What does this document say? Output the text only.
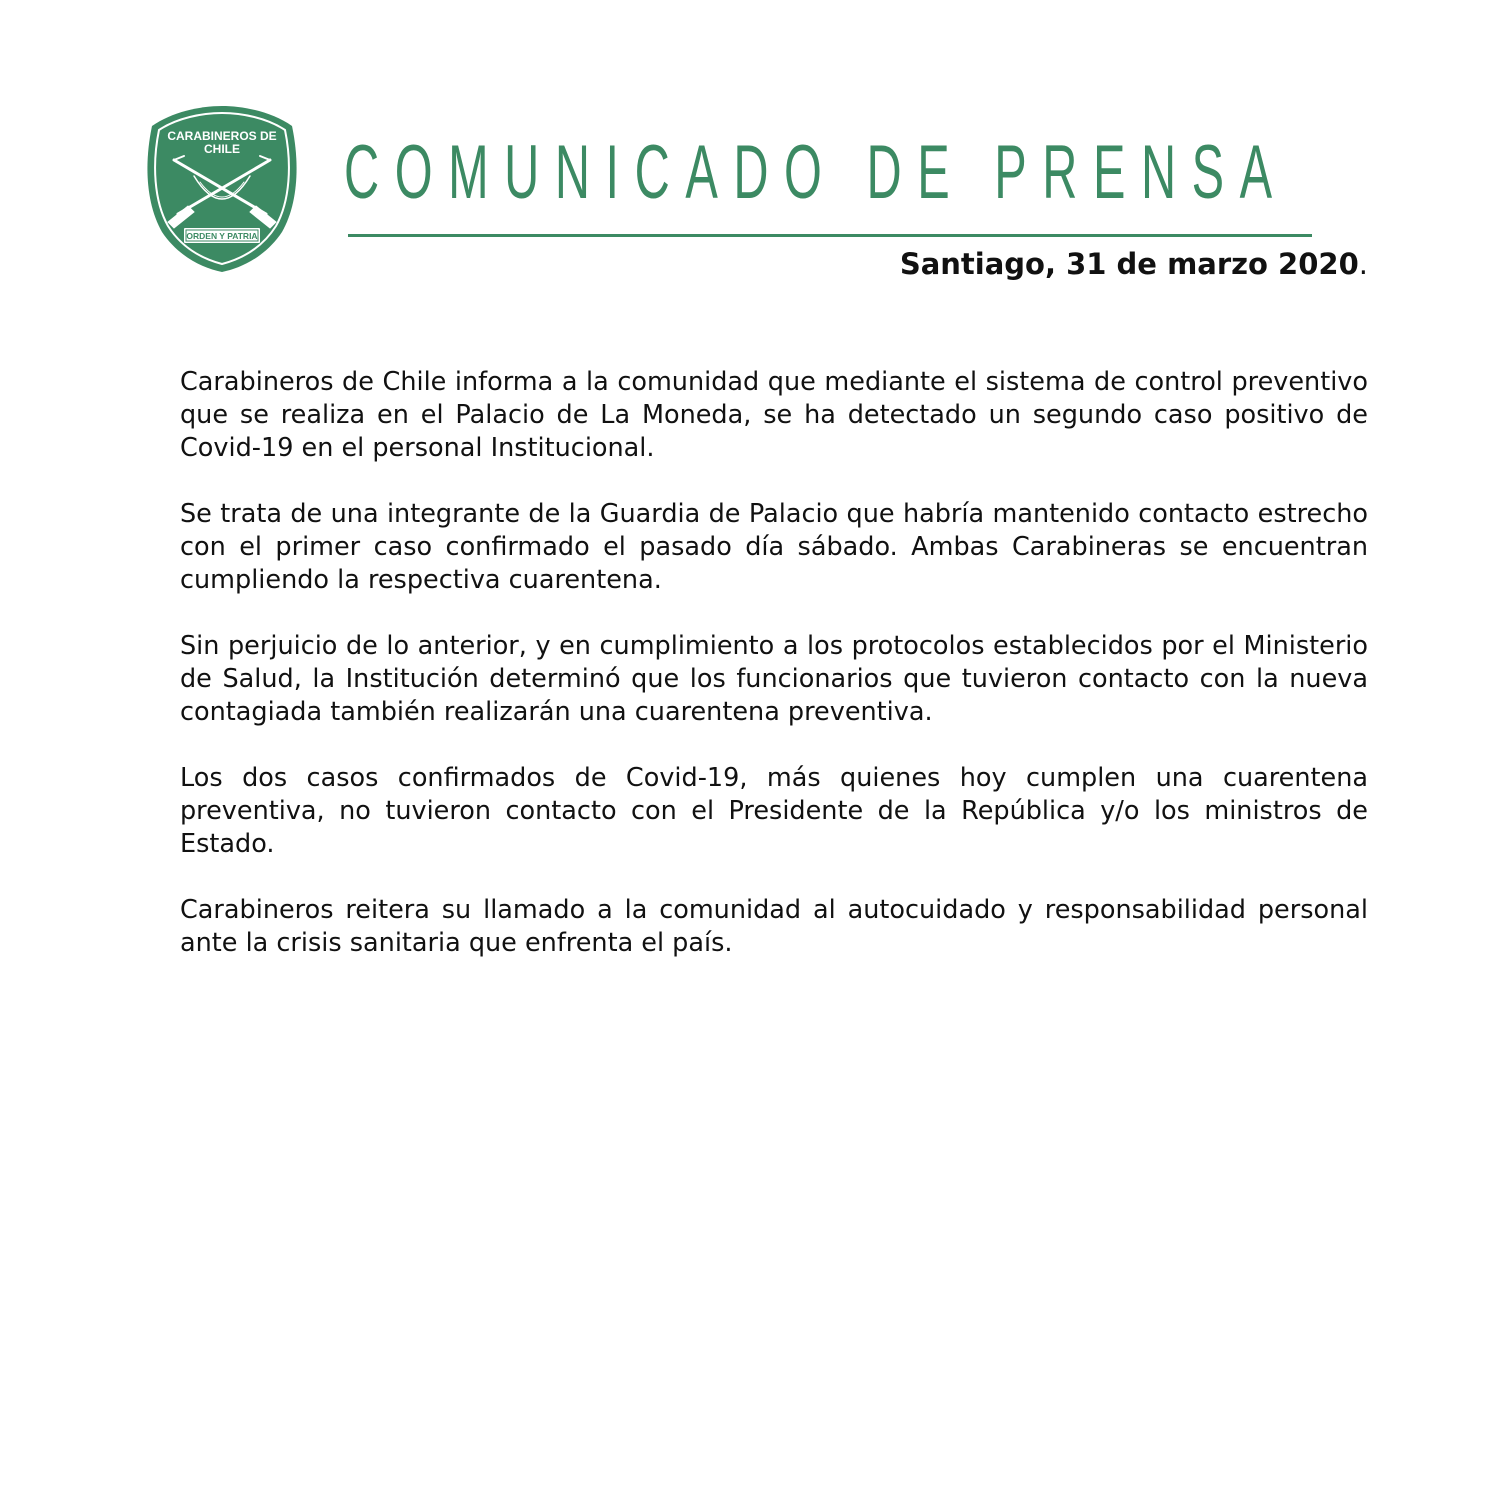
CARABINEROS DE
CHILE
ORDEN Y PATRIA
COMUNICADO DE PRENSA

Santiago, 31 de marzo 2020.

Carabineros de Chile informa a la comunidad que mediante el sistema de control preventivo que se realiza en el Palacio de La Moneda, se ha detectado un segundo caso positivo de Covid-19 en el personal Institucional.

Se trata de una integrante de la Guardia de Palacio que habría mantenido contacto estrecho con el primer caso confirmado el pasado día sábado. Ambas Carabineras se encuentran cumpliendo la respectiva cuarentena.

Sin perjuicio de lo anterior, y en cumplimiento a los protocolos establecidos por el Ministerio de Salud, la Institución determinó que los funcionarios que tuvieron contacto con la nueva contagiada también realizarán una cuarentena preventiva.

Los dos casos confirmados de Covid-19, más quienes hoy cumplen una cuarentena preventiva, no tuvieron contacto con el Presidente de la República y/o los ministros de Estado.

Carabineros reitera su llamado a la comunidad al autocuidado y responsabilidad personal ante la crisis sanitaria que enfrenta el país.
